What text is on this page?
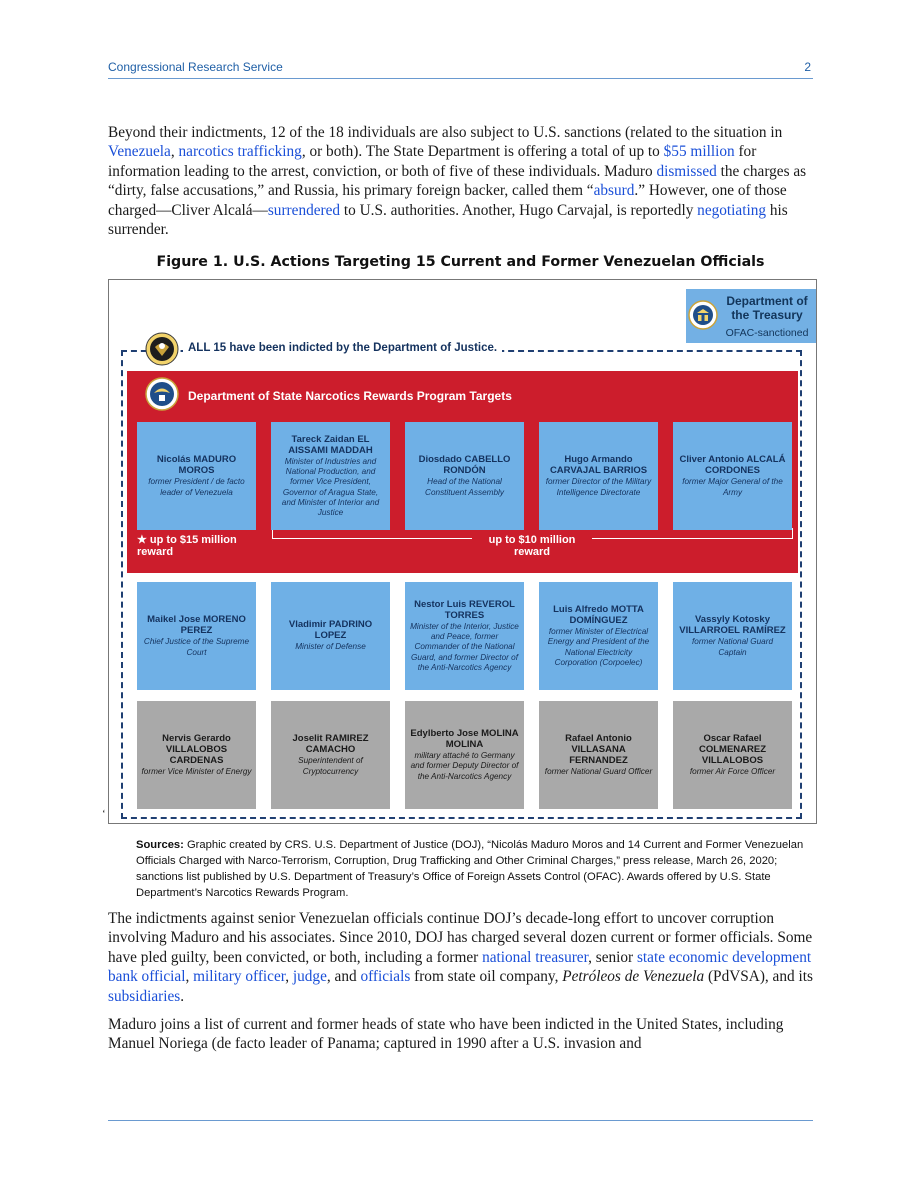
Congressional Research Service	2

Beyond their indictments, 12 of the 18 individuals are also subject to U.S. sanctions (related to the situation in Venezuela, narcotics trafficking, or both). The State Department is offering a total of up to $55 million for information leading to the arrest, conviction, or both of five of these individuals. Maduro dismissed the charges as “dirty, false accusations,” and Russia, his primary foreign backer, called them “absurd.” However, one of those charged—Cliver Alcalá—surrendered to U.S. authorities. Another, Hugo Carvajal, is reportedly negotiating his surrender.

Figure 1. U.S. Actions Targeting 15 Current and Former Venezuelan Officials
Department of the Treasury
OFAC-sanctioned
ALL 15 have been indicted by the Department of Justice.
Department of State Narcotics Rewards Program Targets
★ up to $15 million reward
up to $10 million reward
Nicolás MADURO MOROS
former President / de facto leader of Venezuela
Tareck Zaidan EL AISSAMI MADDAH
Minister of Industries and National Production, and former Vice President, Governor of Aragua State, and Minister of Interior and Justice
Diosdado CABELLO RONDÓN
Head of the National Constituent Assembly
Hugo Armando CARVAJAL BARRIOS
former Director of the Military Intelligence Directorate
Cliver Antonio ALCALÁ CORDONES
former Major General of the Army
Maikel Jose MORENO PEREZ
Chief Justice of the Supreme Court
Vladimir PADRINO LOPEZ
Minister of Defense
Nestor Luis REVEROL TORRES
Minister of the Interior, Justice and Peace, former Commander of the National Guard, and former Director of the Anti-Narcotics Agency
Luis Alfredo MOTTA DOMÍNGUEZ
former Minister of Electrical Energy and President of the National Electricity Corporation (Corpoelec)
Vassyly Kotosky VILLARROEL RAMÍREZ
former National Guard Captain
Nervis Gerardo VILLALOBOS CARDENAS
former Vice Minister of Energy
Joselit RAMIREZ CAMACHO
Superintendent of Cryptocurrency
Edylberto Jose MOLINA MOLINA
military attaché to Germany and former Deputy Director of the Anti-Narcotics Agency
Rafael Antonio VILLASANA FERNANDEZ
former National Guard Officer
Oscar Rafael COLMENAREZ VILLALOBOS
former Air Force Officer
‘

Sources: Graphic created by CRS. U.S. Department of Justice (DOJ), “Nicolás Maduro Moros and 14 Current and Former Venezuelan Officials Charged with Narco-Terrorism, Corruption, Drug Trafficking and Other Criminal Charges,” press release, March 26, 2020; sanctions list published by U.S. Department of Treasury’s Office of Foreign Assets Control (OFAC). Awards offered by U.S. State Department’s Narcotics Rewards Program.

The indictments against senior Venezuelan officials continue DOJ’s decade-long effort to uncover corruption involving Maduro and his associates. Since 2010, DOJ has charged several dozen current or former officials. Some have pled guilty, been convicted, or both, including a former national treasurer, senior state economic development bank official, military officer, judge, and officials from state oil company, Petróleos de Venezuela (PdVSA), and its subsidiaries.

Maduro joins a list of current and former heads of state who have been indicted in the United States, including Manuel Noriega (de facto leader of Panama; captured in 1990 after a U.S. invasion and
